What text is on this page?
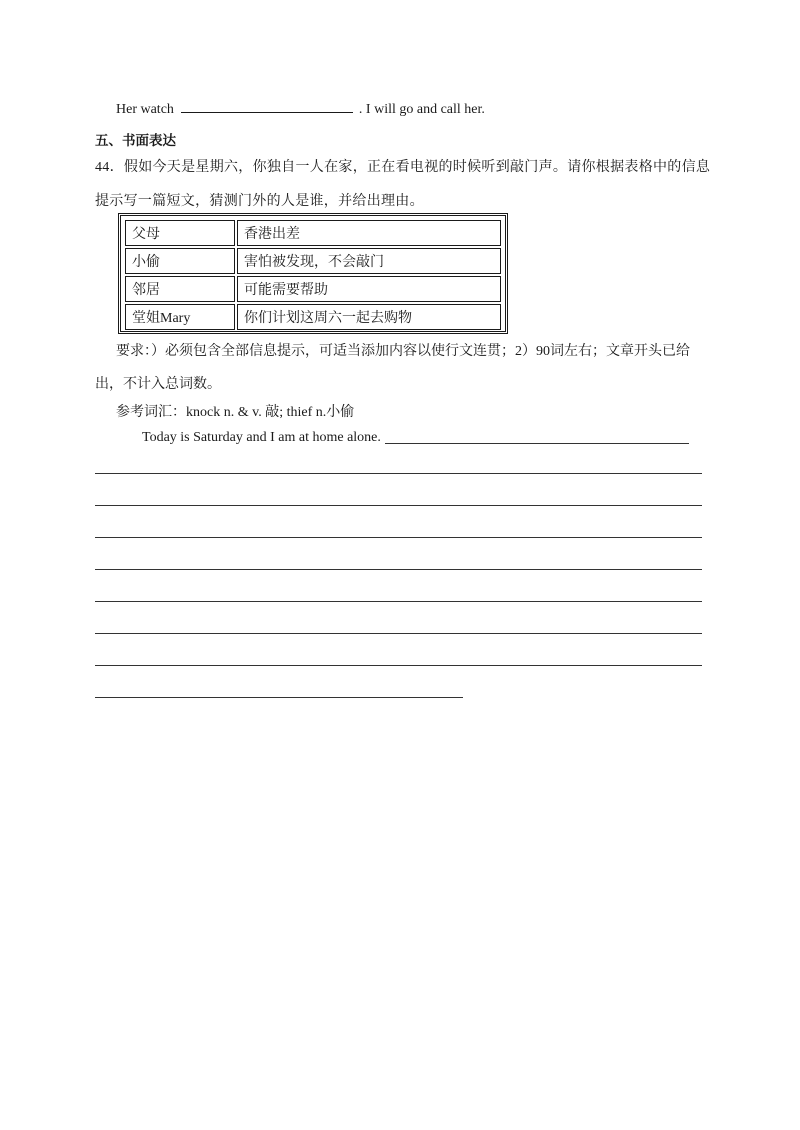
Her watch	. I will go and call her.
五、书面表达
44．假如今天是星期六，你独自一人在家，正在看电视的时候听到敲门声。请你根据表格中的信息
提示写一篇短文，猜测门外的人是谁，并给出理由。
父母	香港出差
小偷	害怕被发现，不会敲门
邻居	可能需要帮助
堂姐Mary	你们计划这周六一起去购物
要求：）必须包含全部信息提示，可适当添加内容以使行文连贯；2）90词左右；文章开头已给
出，不计入总词数。
参考词汇：knock n. & v. 敲; thief n.小偷
Today is Saturday and I am at home alone.
